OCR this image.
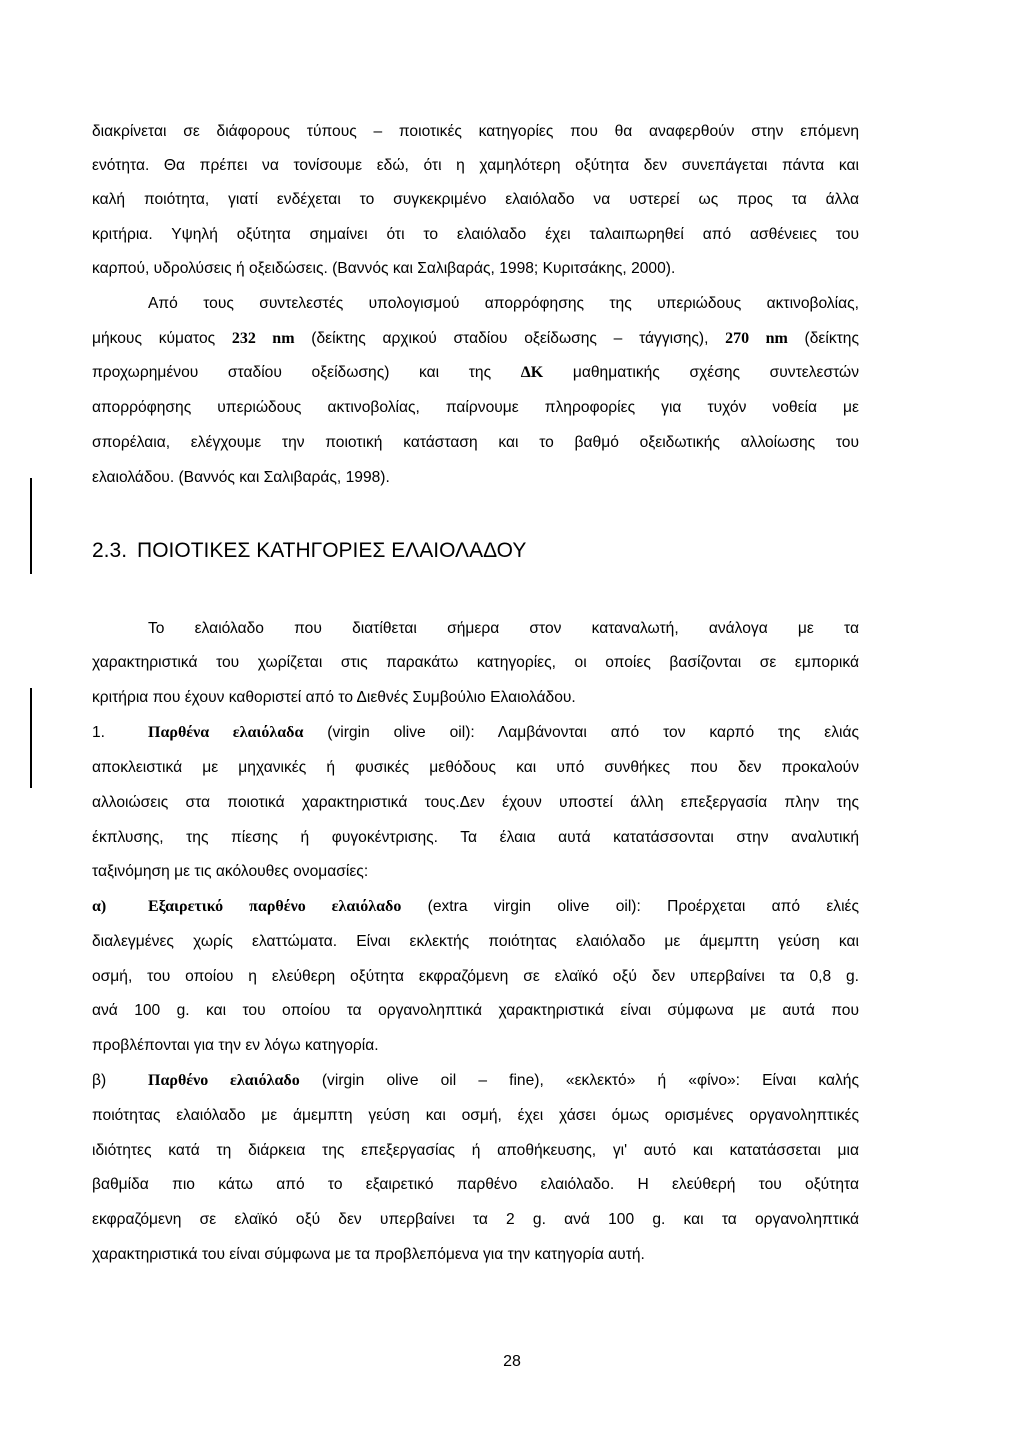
διακρίνεται σε διάφορους τύπους – ποιοτικές κατηγορίες που θα αναφερθούν στην επόμενη
ενότητα. Θα πρέπει να τονίσουμε εδώ, ότι η χαμηλότερη οξύτητα δεν συνεπάγεται πάντα και
καλή ποιότητα, γιατί ενδέχεται το συγκεκριμένο ελαιόλαδο να υστερεί ως προς τα άλλα
κριτήρια. Υψηλή οξύτητα σημαίνει ότι το ελαιόλαδο έχει ταλαιπωρηθεί από ασθένειες του
καρπού, υδρολύσεις ή οξειδώσεις. (Βαννός και Σαλιβαράς, 1998; Κυριτσάκης, 2000).
Από τους συντελεστές υπολογισμού απορρόφησης της υπεριώδους ακτινοβολίας,
μήκους κύματος 232 nm (δείκτης αρχικού σταδίου οξείδωσης – τάγγισης), 270 nm (δείκτης
προχωρημένου σταδίου οξείδωσης) και της ΔΚ μαθηματικής σχέσης συντελεστών
απορρόφησης υπεριώδους ακτινοβολίας, παίρνουμε πληροφορίες για τυχόν νοθεία με
σπορέλαια, ελέγχουμε την ποιοτική κατάσταση και το βαθμό οξειδωτικής αλλοίωσης του
ελαιολάδου. (Βαννός και Σαλιβαράς, 1998).
2.3. ΠΟΙΟΤΙΚΕΣ ΚΑΤΗΓΟΡΙΕΣ ΕΛΑΙΟΛΑΔΟΥ
Το ελαιόλαδο που διατίθεται σήμερα στον καταναλωτή, ανάλογα με τα
χαρακτηριστικά του χωρίζεται στις παρακάτω κατηγορίες, οι οποίες βασίζονται σε εμπορικά
κριτήρια που έχουν καθοριστεί από το Διεθνές Συμβούλιο Ελαιολάδου.
1.	Παρθένα ελαιόλαδα (virgin olive oil): Λαμβάνονται από τον καρπό της ελιάς
αποκλειστικά με μηχανικές ή φυσικές μεθόδους και υπό συνθήκες που δεν προκαλούν
αλλοιώσεις στα ποιοτικά χαρακτηριστικά τους.Δεν έχουν υποστεί άλλη επεξεργασία πλην της
έκπλυσης, της πίεσης ή φυγοκέντρισης. Τα έλαια αυτά κατατάσσονται στην αναλυτική
ταξινόμηση με τις ακόλουθες ονομασίες:
α)	Εξαιρετικό παρθένο ελαιόλαδο (extra virgin olive oil): Προέρχεται από ελιές
διαλεγμένες χωρίς ελαττώματα. Είναι εκλεκτής ποιότητας ελαιόλαδο με άμεμπτη γεύση και
οσμή, του οποίου η ελεύθερη οξύτητα εκφραζόμενη σε ελαϊκό οξύ δεν υπερβαίνει τα 0,8 g.
ανά 100 g. και του οποίου τα οργανοληπτικά χαρακτηριστικά είναι σύμφωνα με αυτά που
προβλέπονται για την εν λόγω κατηγορία.
β)	Παρθένο ελαιόλαδο (virgin olive oil – fine), «εκλεκτό» ή «φίνο»: Είναι καλής
ποιότητας ελαιόλαδο με άμεμπτη γεύση και οσμή, έχει χάσει όμως ορισμένες οργανοληπτικές
ιδιότητες κατά τη διάρκεια της επεξεργασίας ή αποθήκευσης, γι' αυτό και κατατάσσεται μια
βαθμίδα πιο κάτω από το εξαιρετικό παρθένο ελαιόλαδο. Η ελεύθερή του οξύτητα
εκφραζόμενη σε ελαϊκό οξύ δεν υπερβαίνει τα 2 g. ανά 100 g. και τα οργανοληπτικά
χαρακτηριστικά του είναι σύμφωνα με τα προβλεπόμενα για την κατηγορία αυτή.
28
